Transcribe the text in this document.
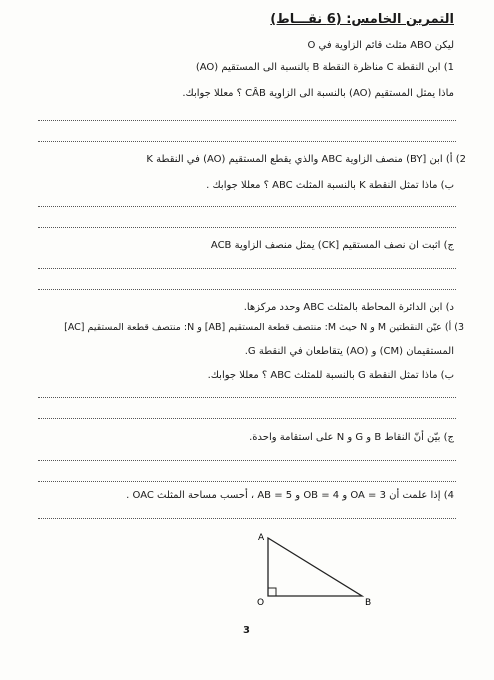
التمرين الخامس: (6 نقـــاط)
ليكن ABO مثلث قائم الزاوية في O
1) ابن النقطة C مناظرة النقطة B بالنسبة الى المستقيم (AO)
ماذا يمثل المستقيم (AO) بالنسبة الى الزاوية CÂB ؟ معللا جوابك.
2) أ) ابن [BY) منصف الزاوية ABC والذي يقطع المستقيم (AO) في النقطة K
ب) ماذا تمثل النقطة K بالنسبة المثلث ABC ؟ معللا جوابك .
ج) اثبت ان نصف المستقيم [CK) يمثل منصف الزاوية ACB
د) ابن الدائرة المحاطة بالمثلث ABC وحدد مركزها.
3) أ) عيّن النقطتين M و N حيث M: منتصف قطعة المستقيم [AB] و N: منتصف قطعة المستقيم [AC]
المستقيمان (CM) و (AO) يتقاطعان في النقطة G.
ب) ماذا تمثل النقطة G بالنسبة للمثلث ABC ؟ معللا جوابك.
ج) بيّن أنّ النقاط B و G و N على استقامة واحدة.
4) إذا علمت أن OA = 3 و OB = 4 و AB = 5 ، أحسب مساحة المثلث OAC .
A
O	B
3
